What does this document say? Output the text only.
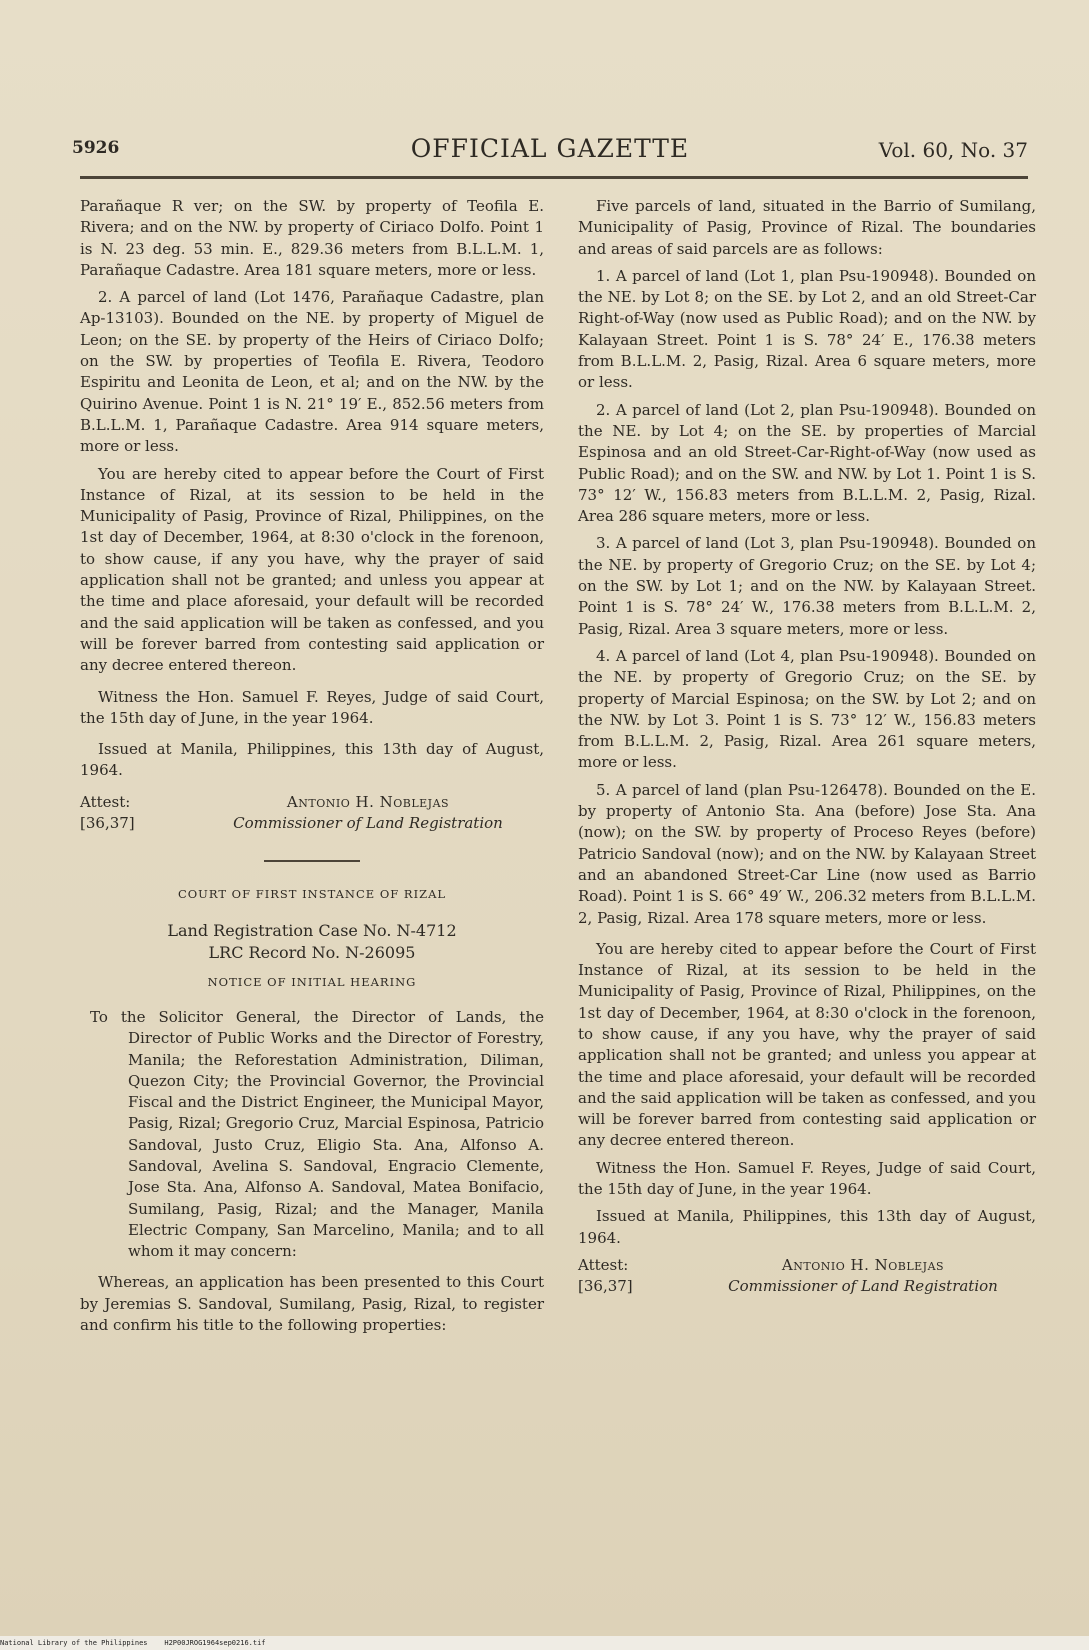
5926	OFFICIAL GAZETTE	Vol. 60, No. 37

Parañaque R ver; on the SW. by property of Teofila E. Rivera; and on the NW. by property of Ciriaco Dolfo. Point 1 is N. 23 deg. 53 min. E., 829.36 meters from B.L.L.M. 1, Parañaque Cadastre. Area 181 square meters, more or less.

2. A parcel of land (Lot 1476, Parañaque Cadastre, plan Ap-13103). Bounded on the NE. by property of Miguel de Leon; on the SE. by property of the Heirs of Ciriaco Dolfo; on the SW. by properties of Teofila E. Rivera, Teodoro Espiritu and Leonita de Leon, et al; and on the NW. by the Quirino Avenue. Point 1 is N. 21° 19′ E., 852.56 meters from B.L.L.M. 1, Parañaque Cadastre. Area 914 square meters, more or less.

You are hereby cited to appear before the Court of First Instance of Rizal, at its session to be held in the Municipality of Pasig, Province of Rizal, Philippines, on the 1st day of December, 1964, at 8:30 o'clock in the forenoon, to show cause, if any you have, why the prayer of said application shall not be granted; and unless you appear at the time and place aforesaid, your default will be recorded and the said application will be taken as confessed, and you will be forever barred from contesting said application or any decree entered thereon.

Witness the Hon. Samuel F. Reyes, Judge of said Court, the 15th day of June, in the year 1964.

Issued at Manila, Philippines, this 13th day of August, 1964.

Attest:	Antonio H. Noblejas
[36,37]	Commissioner of Land Registration

COURT OF FIRST INSTANCE OF RIZAL

Land Registration Case No. N-4712

LRC Record No. N-26095

NOTICE OF INITIAL HEARING

To the Solicitor General, the Director of Lands, the Director of Public Works and the Director of Forestry, Manila; the Reforestation Administration, Diliman, Quezon City; the Provincial Governor, the Provincial Fiscal and the District Engineer, the Municipal Mayor, Pasig, Rizal; Gregorio Cruz, Marcial Espinosa, Patricio Sandoval, Justo Cruz, Eligio Sta. Ana, Alfonso A. Sandoval, Avelina S. Sandoval, Engracio Clemente, Jose Sta. Ana, Alfonso A. Sandoval, Matea Bonifacio, Sumilang, Pasig, Rizal; and the Manager, Manila Electric Company, San Marcelino, Manila; and to all whom it may concern:

Whereas, an application has been presented to this Court by Jeremias S. Sandoval, Sumilang, Pasig, Rizal, to register and confirm his title to the following properties:

Five parcels of land, situated in the Barrio of Sumilang, Municipality of Pasig, Province of Rizal. The boundaries and areas of said parcels are as follows:

1. A parcel of land (Lot 1, plan Psu-190948). Bounded on the NE. by Lot 8; on the SE. by Lot 2, and an old Street-Car Right-of-Way (now used as Public Road); and on the NW. by Kalayaan Street. Point 1 is S. 78° 24′ E., 176.38 meters from B.L.L.M. 2, Pasig, Rizal. Area 6 square meters, more or less.

2. A parcel of land (Lot 2, plan Psu-190948). Bounded on the NE. by Lot 4; on the SE. by properties of Marcial Espinosa and an old Street-Car-Right-of-Way (now used as Public Road); and on the SW. and NW. by Lot 1. Point 1 is S. 73° 12′ W., 156.83 meters from B.L.L.M. 2, Pasig, Rizal. Area 286 square meters, more or less.

3. A parcel of land (Lot 3, plan Psu-190948). Bounded on the NE. by property of Gregorio Cruz; on the SE. by Lot 4; on the SW. by Lot 1; and on the NW. by Kalayaan Street. Point 1 is S. 78° 24′ W., 176.38 meters from B.L.L.M. 2, Pasig, Rizal. Area 3 square meters, more or less.

4. A parcel of land (Lot 4, plan Psu-190948). Bounded on the NE. by property of Gregorio Cruz; on the SE. by property of Marcial Espinosa; on the SW. by Lot 2; and on the NW. by Lot 3. Point 1 is S. 73° 12′ W., 156.83 meters from B.L.L.M. 2, Pasig, Rizal. Area 261 square meters, more or less.

5. A parcel of land (plan Psu-126478). Bounded on the E. by property of Antonio Sta. Ana (before) Jose Sta. Ana (now); on the SW. by property of Proceso Reyes (before) Patricio Sandoval (now); and on the NW. by Kalayaan Street and an abandoned Street-Car Line (now used as Barrio Road). Point 1 is S. 66° 49′ W., 206.32 meters from B.L.L.M. 2, Pasig, Rizal. Area 178 square meters, more or less.

You are hereby cited to appear before the Court of First Instance of Rizal, at its session to be held in the Municipality of Pasig, Province of Rizal, Philippines, on the 1st day of December, 1964, at 8:30 o'clock in the forenoon, to show cause, if any you have, why the prayer of said application shall not be granted; and unless you appear at the time and place aforesaid, your default will be recorded and the said application will be taken as confessed, and you will be forever barred from contesting said application or any decree entered thereon.

Witness the Hon. Samuel F. Reyes, Judge of said Court, the 15th day of June, in the year 1964.

Issued at Manila, Philippines, this 13th day of August, 1964.

Attest:	Antonio H. Noblejas
[36,37]	Commissioner of Land Registration
National Library of the Philippines H2P00JROG1964sep0216.tif
